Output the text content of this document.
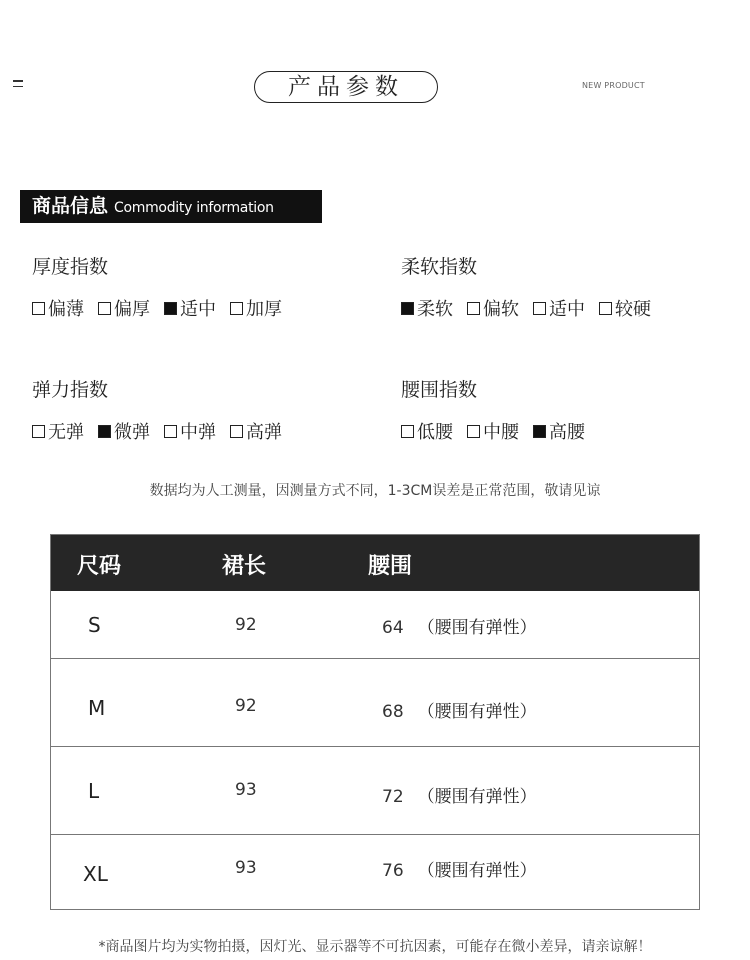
产品参数	NEW PRODUCT
商品信息 Commodity information
厚度指数
偏薄 偏厚 适中 加厚
柔软指数
柔软 偏软 适中 较硬
弹力指数
无弹 微弹 中弹 高弹
腰围指数
低腰 中腰 高腰
数据均为人工测量，因测量方式不同，1-3CM误差是正常范围，敬请见谅
尺码	裙长	腰围
S	92	64 （腰围有弹性）
M	92	68 （腰围有弹性）
L	93	72 （腰围有弹性）
XL	93	76 （腰围有弹性）
*商品图片均为实物拍摄，因灯光、显示器等不可抗因素，可能存在微小差异，请亲谅解！
